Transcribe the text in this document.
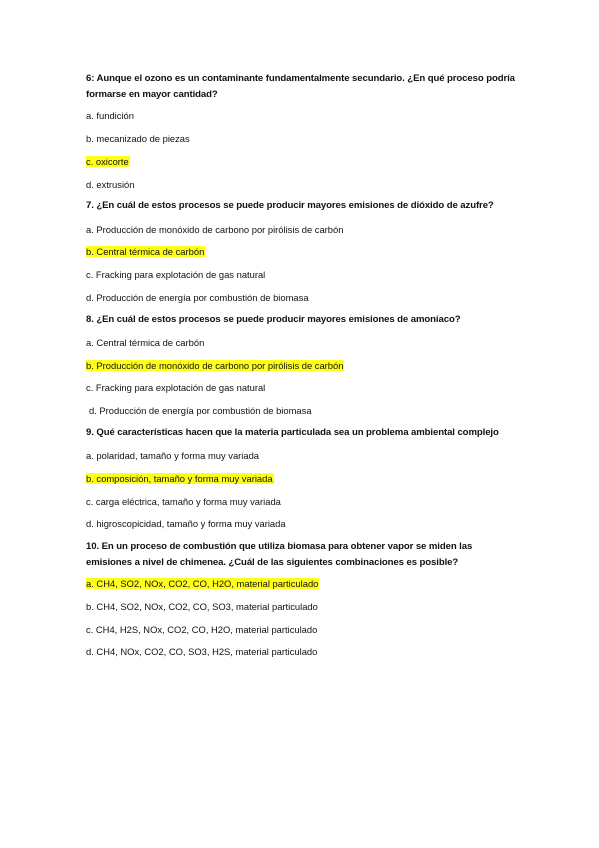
6: Aunque el ozono es un contaminante fundamentalmente secundario. ¿En qué proceso podría formarse en mayor cantidad?
a. fundición
b. mecanizado de piezas
c. oxicorte
d. extrusión
7. ¿En cuál de estos procesos se puede producir mayores emisiones de dióxido de azufre?
a. Producción de monóxido de carbono por pirólisis de carbón
b. Central térmica de carbón
c. Fracking para explotación de gas natural
d. Producción de energía por combustión de biomasa
8. ¿En cuál de estos procesos se puede producir mayores emisiones de amoníaco?
a. Central térmica de carbón
b. Producción de monóxido de carbono por pirólisis de carbón
c. Fracking para explotación de gas natural
d. Producción de energía por combustión de biomasa
9. Qué características hacen que la materia particulada sea un problema ambiental complejo
a. polaridad, tamaño y forma muy variada
b. composición, tamaño y forma muy variada
c. carga eléctrica, tamaño y forma muy variada
d. higroscopicidad, tamaño y forma muy variada
10. En un proceso de combustión que utiliza biomasa para obtener vapor se miden las emisiones a nivel de chimenea. ¿Cuál de las siguientes combinaciones es posible?
a. CH4, SO2, NOx, CO2, CO, H2O, material particulado
b. CH4, SO2, NOx, CO2, CO, SO3, material particulado
c. CH4, H2S, NOx, CO2, CO, H2O, material particulado
d. CH4, NOx, CO2, CO, SO3, H2S, material particulado
